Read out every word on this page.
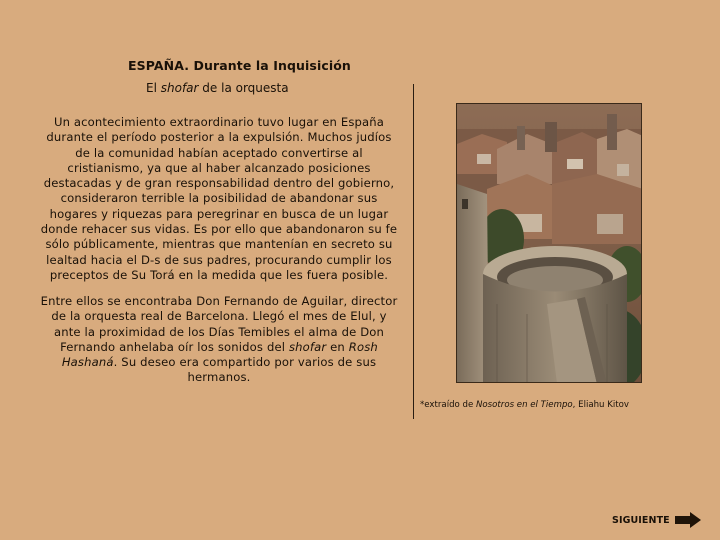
ESPAÑA. Durante la Inquisición
El shofar de la orquesta
Un acontecimiento extraordinario tuvo lugar en España durante el período posterior a la expulsión. Muchos judíos de la comunidad habían aceptado convertirse al cristianismo, ya que al haber alcanzado posiciones destacadas y de gran responsabilidad dentro del gobierno, consideraron terrible la posibilidad de abandonar sus hogares y riquezas para peregrinar en busca de un lugar donde rehacer sus vidas. Es por ello que abandonaron su fe sólo públicamente, mientras que mantenían en secreto su lealtad hacia el D-s de sus padres, procurando cumplir los preceptos de Su Torá en la medida que les fuera posible.
Entre ellos se encontraba Don Fernando de Aguilar, director de la orquesta real de Barcelona. Llegó el mes de Elul, y ante la proximidad de los Días Temibles el alma de Don Fernando anhelaba oír los sonidos del shofar en Rosh Hashaná. Su deseo era compartido por varios de sus hermanos.
*extraído de Nosotros en el Tiempo, Eliahu Kitov
SIGUIENTE
